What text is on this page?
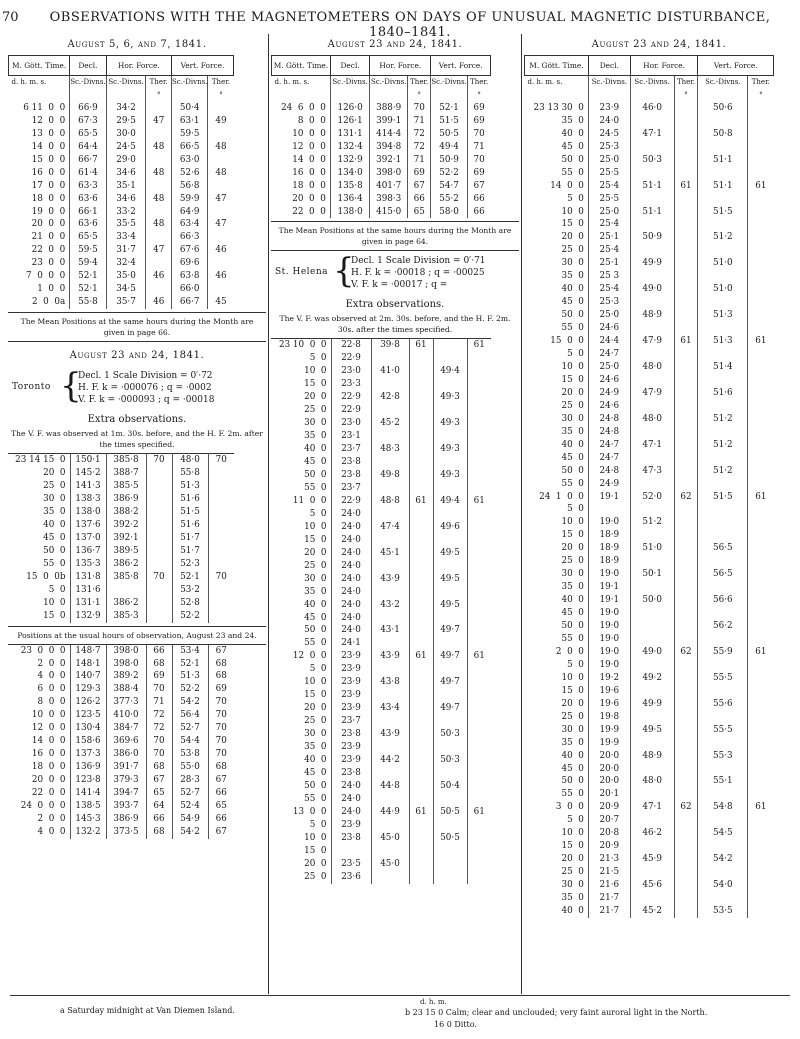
70	OBSERVATIONS WITH THE MAGNETOMETERS ON DAYS OF UNUSUAL MAGNETIC DISTURBANCE, 1840–1841.
August 5, 6, and 7, 1841.
M. Gött. Time.	Decl.	Hor. Force.		Vert. Force.	
d. h. m. s.	Sc.-Divns.	Sc.-Divns.	Ther.	Sc.-Divns.	Ther.
			°		°
6 11  0  0	66·9	34·2		50·4	
12  0  0	67·3	29·5	47	63·1	49
13  0  0	65·5	30·0		59·5	
14  0  0	64·4	24·5	48	66·5	48
15  0  0	66·7	29·0		63·0	
16  0  0	61·4	34·6	48	52·6	48
17  0  0	63·3	35·1		56·8	
18  0  0	63·6	34·6	48	59·9	47
19  0  0	66·1	33·2		64·9	
20  0  0	63·6	35·5	48	63·4	47
21  0  0	65·5	33·4		66·3	
22  0  0	59·5	31·7	47	67·6	46
23  0  0	59·4	32·4		69·6	
7  0  0  0	52·1	35·0	46	63·8	46
1  0  0	52·1	34·5		66·0	
2  0  0a	55·8	35·7	46	66·7	45
The Mean Positions at the same hours during the Month are given in page 66.
August 23 and 24, 1841.
Toronto {
Decl. 1 Scale Division = 0′·72
H. F. k = ·000076 ; q = ·0002
V. F. k = ·000093 ; q = ·00018
Extra observations.
The V. F. was observed at 1m. 30s. before, and the H. F. 2m. after the times specified.
23 14 15  0	150·1	385·8	70	48·0	70
20  0	145·2	388·7		55·8	
25  0	141·3	385·5		51·3	
30  0	138·3	386·9		51·6	
35  0	138·0	388·2		51·5	
40  0	137·6	392·2		51·6	
45  0	137·0	392·1		51·7	
50  0	136·7	389·5		51·7	
55  0	135·3	386·2		52·3	
15  0  0b	131·8	385·8	70	52·1	70
5  0	131·6			53·2	
10  0	131·1	386·2		52·8	
15  0	132·9	385·3		52·2	
Positions at the usual hours of observation, August 23 and 24.
23  0  0  0	148·7	398·0	66	53·4	67
2  0  0	148·1	398·0	68	52·1	68
4  0  0	140·7	389·2	69	51·3	68
6  0  0	129·3	388·4	70	52·2	69
8  0  0	126·2	377·3	71	54·2	70
10  0  0	123·5	410·0	72	56·4	70
12  0  0	130·4	384·7	72	52·7	70
14  0  0	158·6	369·6	70	54·4	70
16  0  0	137·3	386·0	70	53·8	70
18  0  0	136·9	391·7	68	55·0	68
20  0  0	123·8	379·3	67	28·3	67
22  0  0	141·4	394·7	65	52·7	66
24  0  0  0	138·5	393·7	64	52·4	65
2  0  0	145·3	386·9	66	54·9	66
4  0  0	132·2	373·5	68	54·2	67
August 23 and 24, 1841.
M. Gött. Time.	Decl.	Hor. Force.		Vert. Force.	
d. h. m. s.	Sc.-Divns.	Sc.-Divns.	Ther.	Sc.-Divns.	Ther.
			°		°
24  6  0  0	126·0	388·9	70	52·1	69
8  0  0	126·1	399·1	71	51·5	69
10  0  0	131·1	414·4	72	50·5	70
12  0  0	132·4	394·8	72	49·4	71
14  0  0	132·9	392·1	71	50·9	70
16  0  0	134·0	398·0	69	52·2	69
18  0  0	135·8	401·7	67	54·7	67
20  0  0	136·4	398·3	66	55·2	66
22  0  0	138·0	415·0	65	58·0	66
The Mean Positions at the same hours during the Month are given in page 64.
St. Helena {
Decl. 1 Scale Division = 0′·71
H. F. k = ·00018 ; q = ·00025
V. F. k = ·00017 ; q =
Extra observations.
The V. F. was observed at 2m. 30s. before, and the H. F. 2m. 30s. after the times specified.
23 10  0  0	22·8	39·8	61		61
5  0	22·9				
10  0	23·0	41·0		49·4	
15  0	23·3				
20  0	22·9	42·8		49·3	
25  0	22·9				
30  0	23·0	45·2		49·3	
35  0	23·1				
40  0	23·7	48·3		49·3	
45  0	23·8				
50  0	23·8	49·8		49·3	
55  0	23·7				
11  0  0	22·9	48·8	61	49·4	61
5  0	24·0				
10  0	24·0	47·4		49·6	
15  0	24·0				
20  0	24·0	45·1		49·5	
25  0	24·0				
30  0	24·0	43·9		49·5	
35  0	24·0				
40  0	24·0	43·2		49·5	
45  0	24·0				
50  0	24·0	43·1		49·7	
55  0	24·1				
12  0  0	23·9	43·9	61	49·7	61
5  0	23·9				
10  0	23·9	43·8		49·7	
15  0	23·9				
20  0	23·9	43·4		49·7	
25  0	23·7				
30  0	23·8	43·9		50·3	
35  0	23·9				
40  0	23·9	44·2		50·3	
45  0	23·8				
50  0	24·0	44·8		50·4	
55  0	24·0				
13  0  0	24·0	44·9	61	50·5	61
5  0	23·9				
10  0	23·8	45·0		50·5	
15  0					
20  0	23·5	45·0			
25  0	23·6				
August 23 and 24, 1841.
M. Gött. Time.	Decl.	Hor. Force.		Vert. Force.	
d. h. m. s.	Sc.-Divns.	Sc.-Divns.	Ther.	Sc.-Divns.	Ther.
			°		°
23 13 30  0	23·9	46·0		50·6	
35  0	24·0				
40  0	24·5	47·1		50·8	
45  0	25·3				
50  0	25·0	50·3		51·1	
55  0	25·5				
14  0  0	25·4	51·1	61	51·1	61
5  0	25·5				
10  0	25·0	51·1		51·5	
15  0	25·4				
20  0	25·1	50·9		51·2	
25  0	25·4				
30  0	25·1	49·9		51·0	
35  0	25 3				
40  0	25·4	49·0		51·0	
45  0	25·3				
50  0	25·0	48·9		51·3	
55  0	24·6				
15  0  0	24·4	47·9	61	51·3	61
5  0	24·7				
10  0	25·0	48·0		51·4	
15  0	24·6				
20  0	24·9	47·9		51·6	
25  0	24·6				
30  0	24·8	48·0		51·2	
35  0	24·8				
40  0	24·7	47·1		51·2	
45  0	24·7				
50  0	24·8	47·3		51·2	
55  0	24·9				
24  1  0  0	19·1	52·0	62	51·5	61
5  0					
10  0	19·0	51·2			
15  0	18·9				
20  0	18·9	51·0		56·5	
25  0	18·9				
30  0	19·0	50·1		56·5	
35  0	19·1				
40  0	19·1	50·0		56·6	
45  0	19·0				
50  0	19·0			56·2	
55  0	19·0				
2  0  0	19·0	49·0	62	55·9	61
5  0	19·0				
10  0	19·2	49·2		55·5	
15  0	19·6				
20  0	19·6	49·9		55·6	
25  0	19·8				
30  0	19·9	49·5		55·5	
35  0	19·9				
40  0	20·0	48·9		55·3	
45  0	20·0				
50  0	20·0	48·0		55·1	
55  0	20·1				
3  0  0	20·9	47·1	62	54·8	61
5  0	20·7				
10  0	20·8	46·2		54·5	
15  0	20·9				
20  0	21·3	45·9		54·2	
25  0	21·5				
30  0	21·6	45·6		54·0	
35  0	21·7				
40  0	21·7	45·2		53·5	
a Saturday midnight at Van Diemen Island.
d. h. m.
b 23 15 0 Calm; clear and unclouded; very faint auroral light in the North.
16 0 Ditto.
